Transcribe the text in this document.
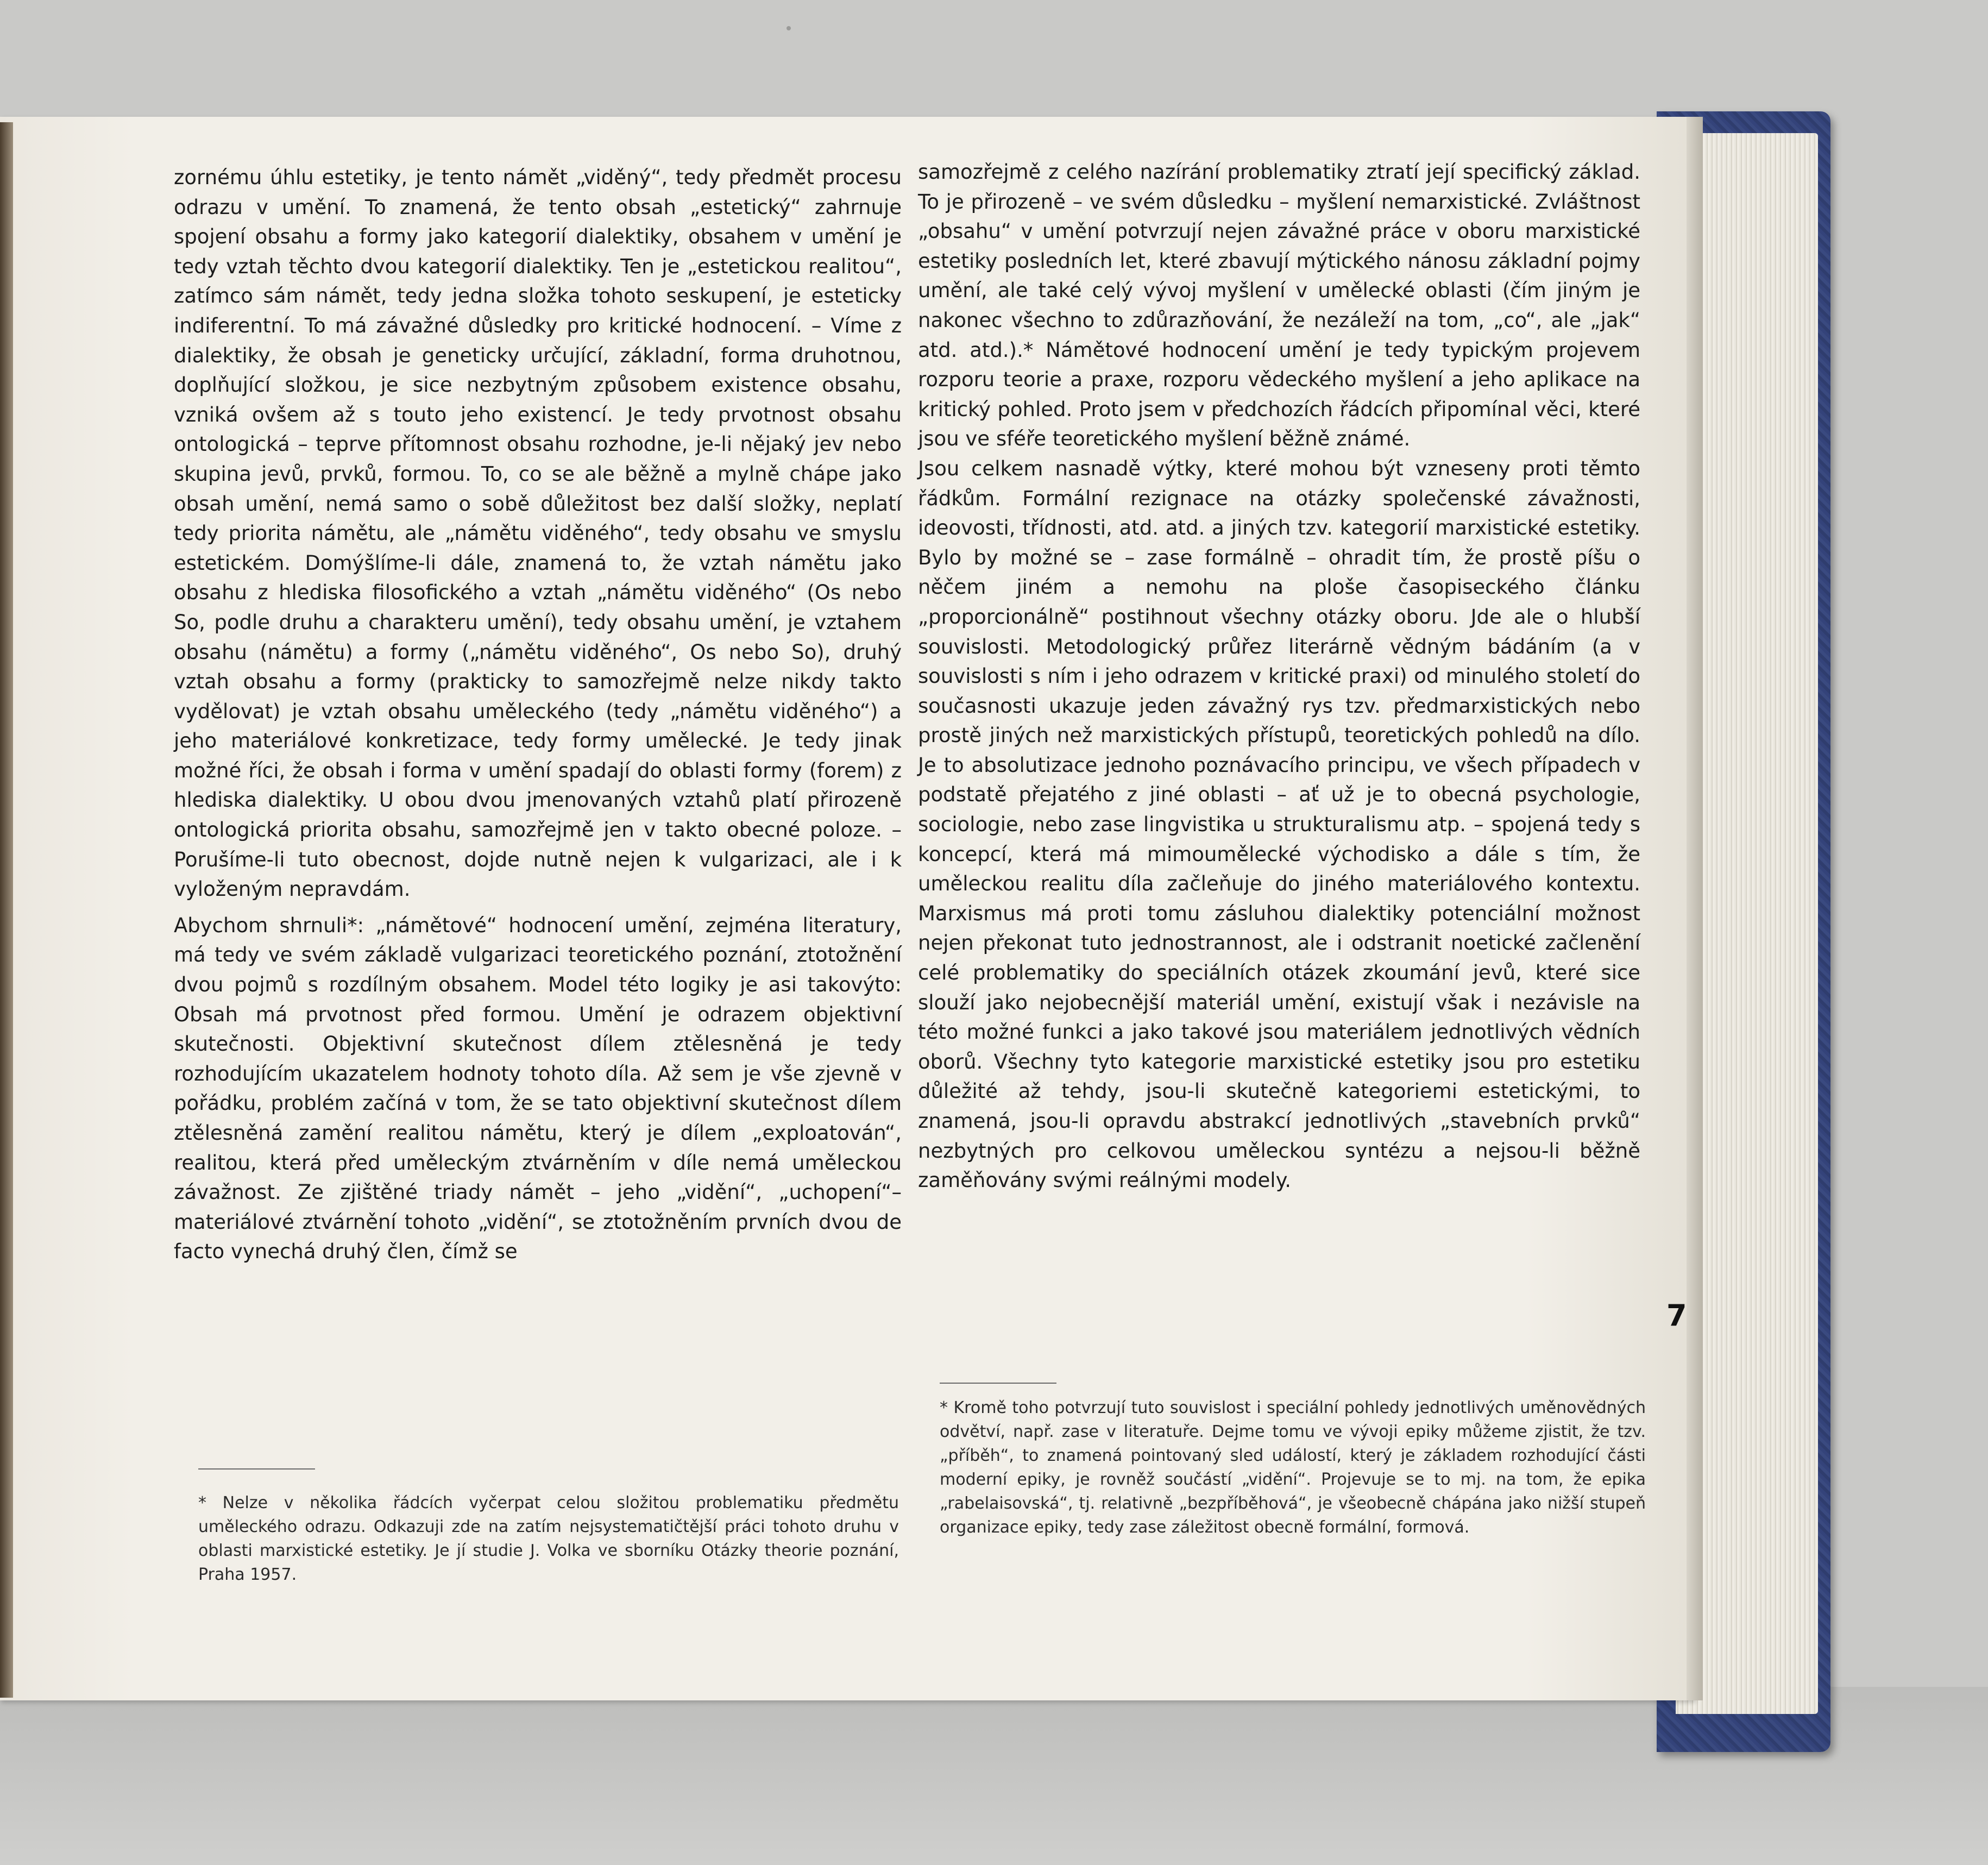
zornému úhlu estetiky, je tento námět „viděný“, tedy předmět procesu odrazu v umění. To znamená, že tento obsah „estetický“ zahrnuje spojení obsahu a formy jako kategorií dialektiky, obsahem v umění je tedy vztah těchto dvou kategorií dialektiky. Ten je „estetickou realitou“, zatímco sám námět, tedy jedna složka tohoto seskupení, je esteticky indiferentní. To má závažné důsledky pro kritické hodnocení. – Víme z dialektiky, že obsah je geneticky určující, základní, forma druhotnou, doplňující složkou, je sice nezbytným způsobem existence obsahu, vzniká ovšem až s touto jeho existencí. Je tedy prvotnost obsahu ontologická – teprve přítomnost obsahu rozhodne, je-li nějaký jev nebo skupina jevů, prvků, formou. To, co se ale běžně a mylně chápe jako obsah umění, nemá samo o sobě důležitost bez další složky, neplatí tedy priorita námětu, ale „námětu viděného“, tedy obsahu ve smyslu estetickém. Domýšlíme-li dále, znamená to, že vztah námětu jako obsahu z hlediska filosofického a vztah „námětu viděného“ (Os nebo So, podle druhu a charakteru umění), tedy obsahu umění, je vztahem obsahu (námětu) a formy („námětu viděného“, Os nebo So), druhý vztah obsahu a formy (prakticky to samozřejmě nelze nikdy takto vydělovat) je vztah obsahu uměleckého (tedy „námětu viděného“) a jeho materiálové konkretizace, tedy formy umělecké. Je tedy jinak možné říci, že obsah i forma v umění spadají do oblasti formy (forem) z hlediska dialektiky. U obou dvou jmenovaných vztahů platí přirozeně ontologická priorita obsahu, samozřejmě jen v takto obecné poloze. – Porušíme-li tuto obecnost, dojde nutně nejen k vulgarizaci, ale i k vyloženým nepravdám.

Abychom shrnuli*: „námětové“ hodnocení umění, zejména literatury, má tedy ve svém základě vulgarizaci teoretického poznání, ztotožnění dvou pojmů s rozdílným obsahem. Model této logiky je asi takovýto: Obsah má prvotnost před formou. Umění je odrazem objektivní skutečnosti. Objektivní skutečnost dílem ztělesněná je tedy rozhodujícím ukazatelem hodnoty tohoto díla. Až sem je vše zjevně v pořádku, problém začíná v tom, že se tato objektivní skutečnost dílem ztělesněná zamění realitou námětu, který je dílem „exploatován“, realitou, která před uměleckým ztvárněním v díle nemá uměleckou závažnost. Ze zjištěné triady námět – jeho „vidění“, „uchopení“– materiálové ztvárnění tohoto „vidění“, se ztotožněním prvních dvou de facto vynechá druhý člen, čímž se

samozřejmě z celého nazírání problematiky ztratí její specifický základ. To je přirozeně – ve svém důsledku – myšlení nemarxistické. Zvláštnost „obsahu“ v umění potvrzují nejen závažné práce v oboru marxistické estetiky posledních let, které zbavují mýtického nánosu základní pojmy umění, ale také celý vývoj myšlení v umělecké oblasti (čím jiným je nakonec všechno to zdůrazňování, že nezáleží na tom, „co“, ale „jak“ atd. atd.).* Námětové hodnocení umění je tedy typickým projevem rozporu teorie a praxe, rozporu vědeckého myšlení a jeho aplikace na kritický pohled. Proto jsem v předchozích řádcích připomínal věci, které jsou ve sféře teoretického myšlení běžně známé.

Jsou celkem nasnadě výtky, které mohou být vzneseny proti těmto řádkům. Formální rezignace na otázky společenské závažnosti, ideovosti, třídnosti, atd. atd. a jiných tzv. kategorií marxistické estetiky. Bylo by možné se – zase formálně – ohradit tím, že prostě píšu o něčem jiném a nemohu na ploše časopiseckého článku „proporcionálně“ postihnout všechny otázky oboru. Jde ale o hlubší souvislosti. Metodologický průřez literárně vědným bádáním (a v souvislosti s ním i jeho odrazem v kritické praxi) od minulého století do současnosti ukazuje jeden závažný rys tzv. předmarxistických nebo prostě jiných než marxistických přístupů, teoretických pohledů na dílo. Je to absolutizace jednoho poznávacího principu, ve všech případech v podstatě přejatého z jiné oblasti – ať už je to obecná psychologie, sociologie, nebo zase lingvistika u strukturalismu atp. – spojená tedy s koncepcí, která má mimoumělecké východisko a dále s tím, že uměleckou realitu díla začleňuje do jiného materiálového kontextu. Marxismus má proti tomu zásluhou dialektiky potenciální možnost nejen překonat tuto jednostrannost, ale i odstranit noetické začlenění celé problematiky do speciálních otázek zkoumání jevů, které sice slouží jako nejobecnější materiál umění, existují však i nezávisle na této možné funkci a jako takové jsou materiálem jednotlivých vědních oborů. Všechny tyto kategorie marxistické estetiky jsou pro estetiku důležité až tehdy, jsou-li skutečně kategoriemi estetickými, to znamená, jsou-li opravdu abstrakcí jednotlivých „stavebních prvků“ nezbytných pro celkovou uměleckou syntézu a nejsou-li běžně zaměňovány svými reálnými modely.

* Nelze v několika řádcích vyčerpat celou složitou problematiku předmětu uměleckého odrazu. Odkazuji zde na zatím nejsystematičtější práci tohoto druhu v oblasti marxistické estetiky. Je jí studie J. Volka ve sborníku Otázky theorie poznání, Praha 1957.
* Kromě toho potvrzují tuto souvislost i speciální pohledy jednotlivých uměnovědných odvětví, např. zase v literatuře. Dejme tomu ve vývoji epiky můžeme zjistit, že tzv. „příběh“, to znamená pointovaný sled událostí, který je základem rozhodující části moderní epiky, je rovněž součástí „vidění“. Projevuje se to mj. na tom, že epika „rabelaisovská“, tj. relativně „bezpříběhová“, je všeobecně chápána jako nižší stupeň organizace epiky, tedy zase záležitost obecně formální, formová.
7
